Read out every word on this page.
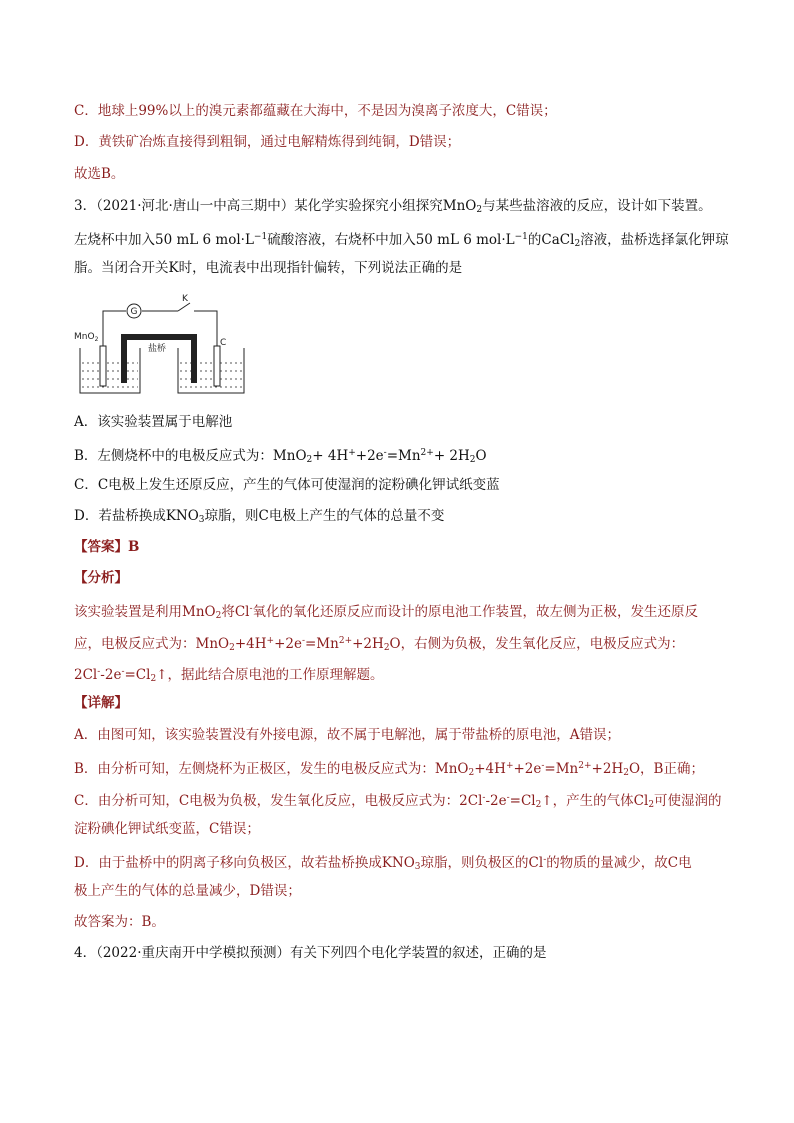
C．地球上99%以上的溴元素都蕴藏在大海中，不是因为溴离子浓度大，C错误；
D．黄铁矿冶炼直接得到粗铜，通过电解精炼得到纯铜，D错误；
故选B。
3．（2021·河北·唐山一中高三期中）某化学实验探究小组探究MnO$_2$与某些盐溶液的反应，设计如下装置。
左烧杯中加入50 mL 6 $mol\cdot L^{-1}$硫酸溶液，右烧杯中加入50 mL 6 $mol\cdot L^{-1}$的CaCl$_2$溶液，盐桥选择氯化钾琼
脂。当闭合开关K时，电流表中出现指针偏转，下列说法正确的是
G
K
MnO$_2$
盐桥
C
A．该实验装置属于电解池
B．左侧烧杯中的电极反应式为：$MnO_2+ 4H^++2e^-=Mn^{2+}+ 2H_2O$
C．C电极上发生还原反应，产生的气体可使湿润的淀粉碘化钾试纸变蓝
D．若盐桥换成$KNO_3$琼脂，则C电极上产生的气体的总量不变
【答案】B
【分析】
该实验装置是利用MnO$_2$将Cl-氧化的氧化还原反应而设计的原电池工作装置，故左侧为正极，发生还原反
应，电极反应式为：$MnO_2+4H^++2e^-=Mn^{2+}+2H_2O$，右侧为负极，发生氧化反应，电极反应式为：
$2Cl^--2e^-=Cl_2↑$，据此结合原电池的工作原理解题。
【详解】
A．由图可知，该实验装置没有外接电源，故不属于电解池，属于带盐桥的原电池，A错误；
B．由分析可知，左侧烧杯为正极区，发生的电极反应式为：$MnO_2+4H^++2e^-=Mn^{2+}+2H_2O$，B正确；
C．由分析可知，C电极为负极，发生氧化反应，电极反应式为：$2Cl^--2e^-=Cl_2↑$，产生的气体$Cl_2$可使湿润的
淀粉碘化钾试纸变蓝，C错误；
D．由于盐桥中的阴离子移向负极区，故若盐桥换成$KNO_3$琼脂，则负极区的Cl-的物质的量减少，故C电
极上产生的气体的总量减少，D错误；
故答案为：B。
4．（2022·重庆南开中学模拟预测）有关下列四个电化学装置的叙述，正确的是
